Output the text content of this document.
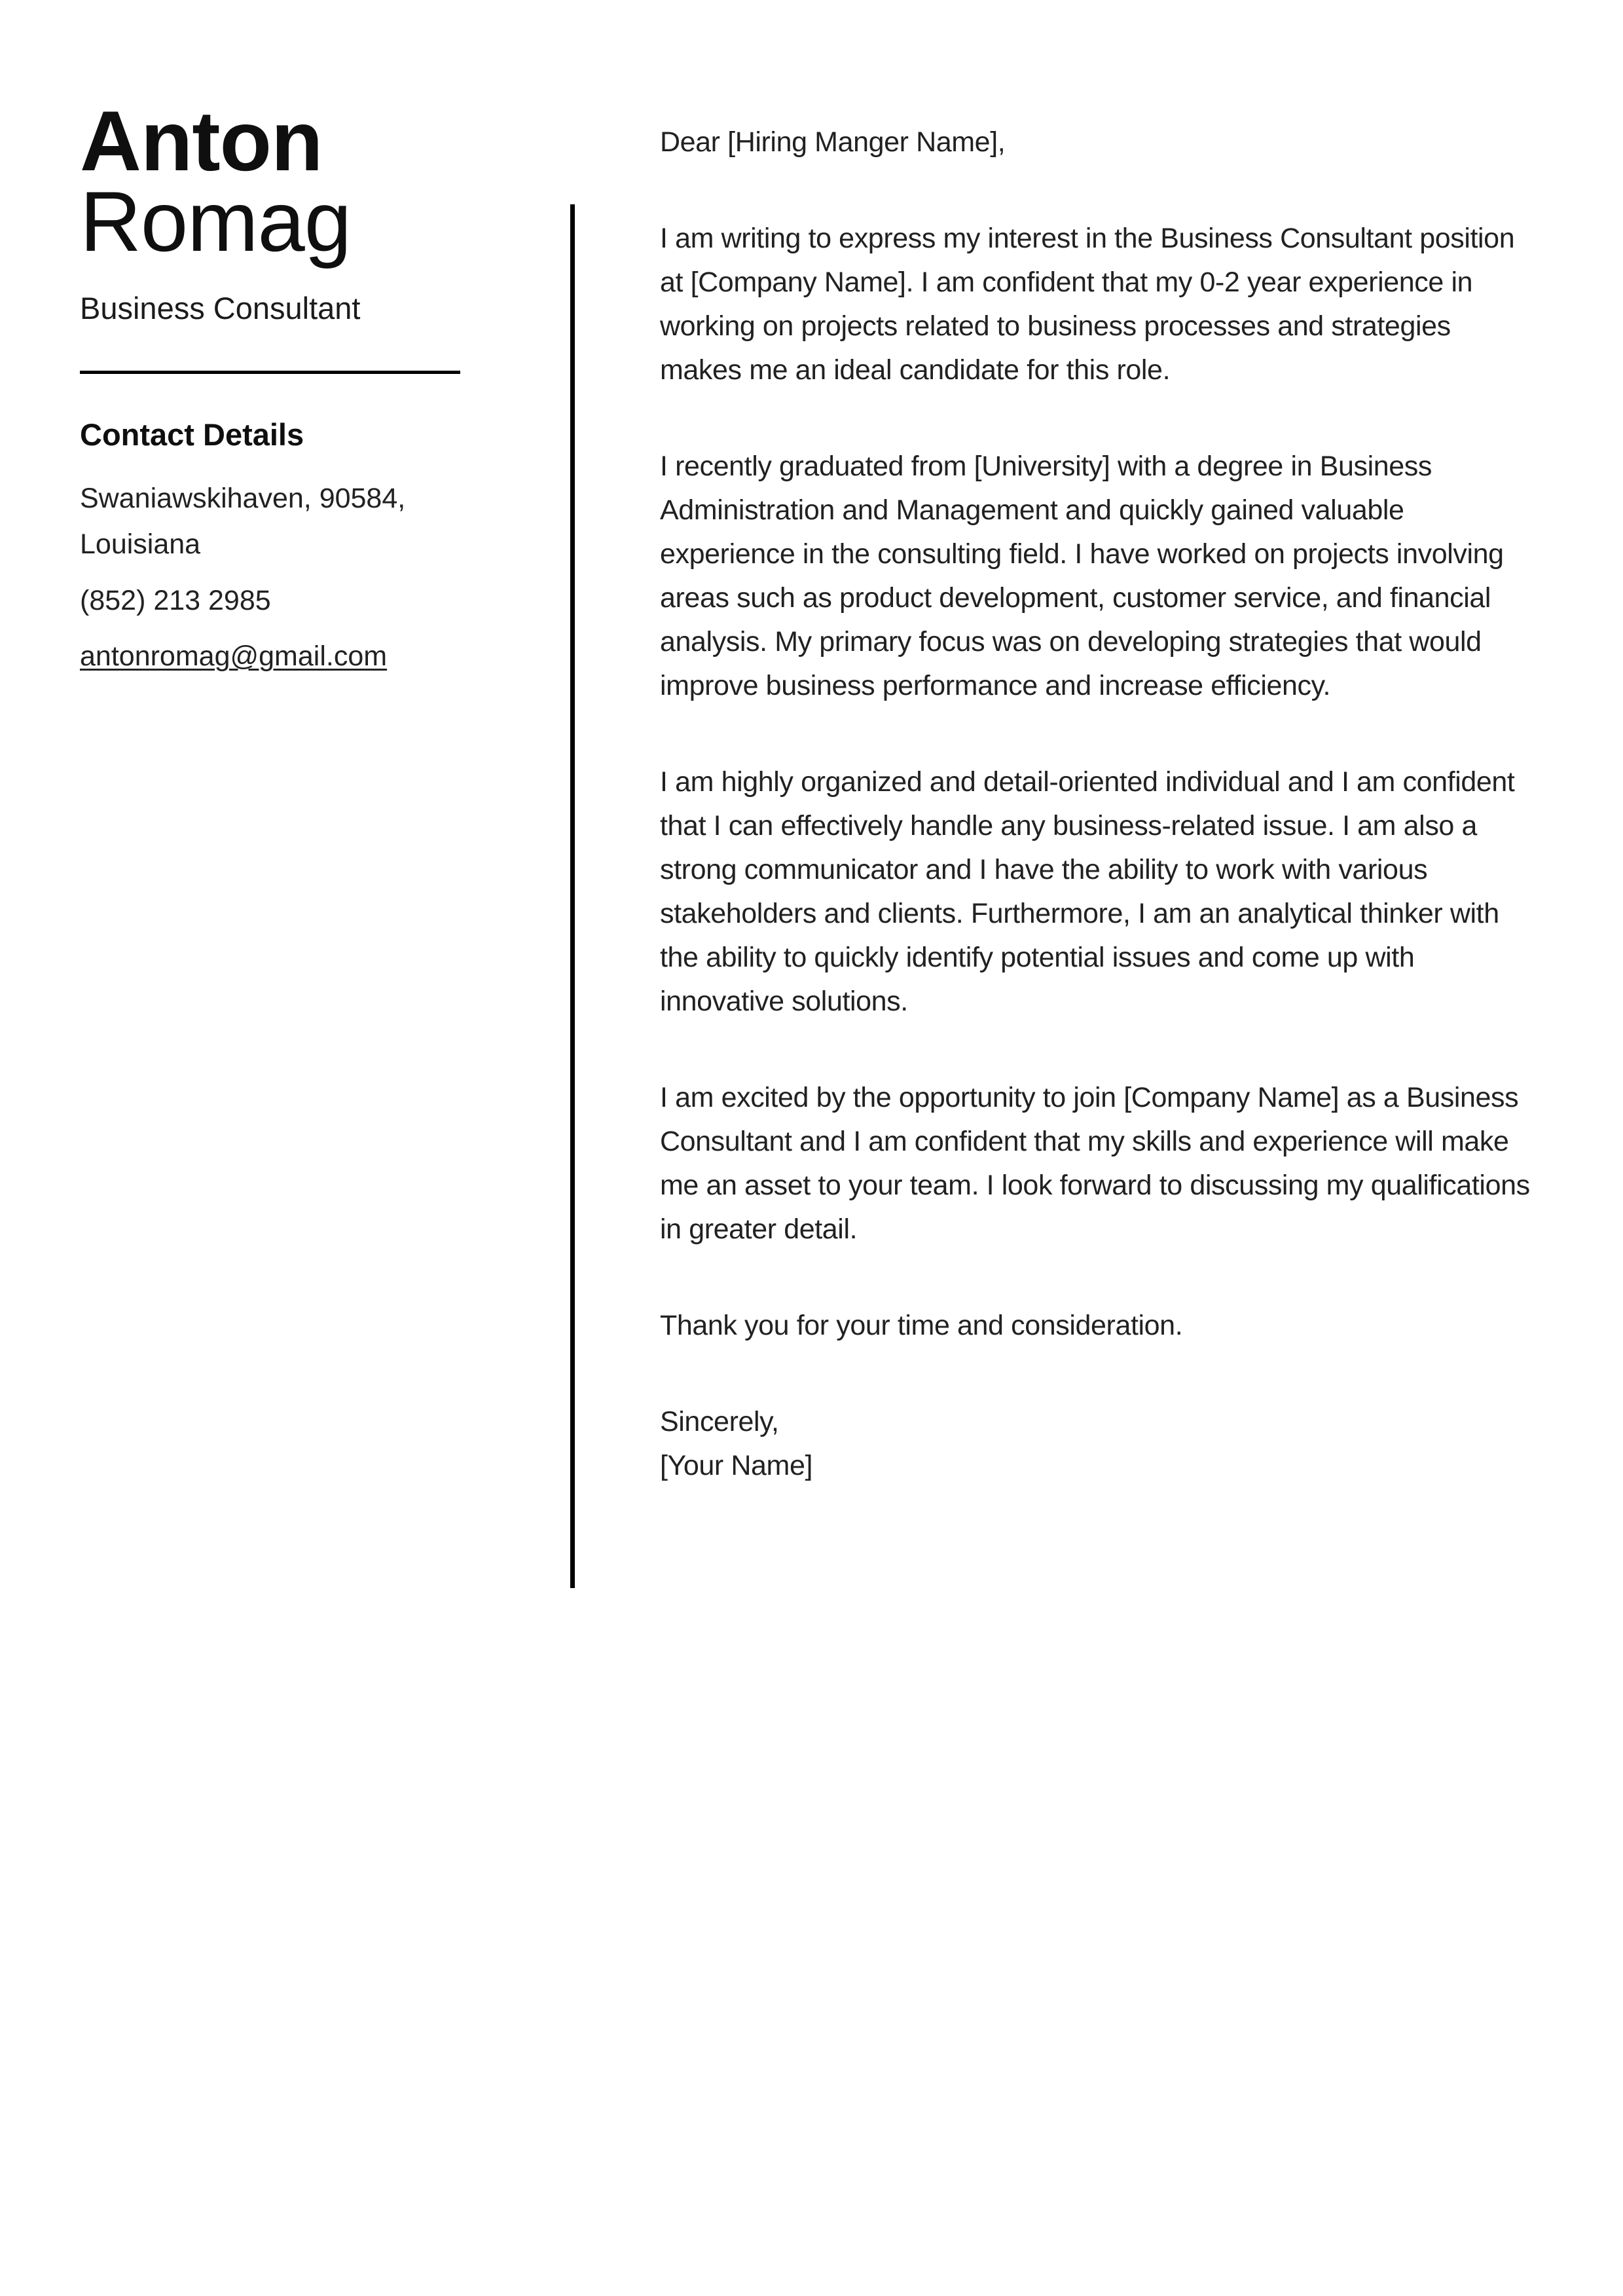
Anton
Romag
Business Consultant
Contact Details
Swaniawskihaven, 90584, Louisiana
(852) 213 2985
antonromag@gmail.com

Dear [Hiring Manger Name],

I am writing to express my interest in the Business Consultant position at [Company Name]. I am confident that my 0-2 year experience in working on projects related to business processes and strategies makes me an ideal candidate for this role.

I recently graduated from [University] with a degree in Business Administration and Management and quickly gained valuable experience in the consulting field. I have worked on projects involving areas such as product development, customer service, and financial analysis. My primary focus was on developing strategies that would improve business performance and increase efficiency.

I am highly organized and detail-oriented individual and I am confident that I can effectively handle any business-related issue. I am also a strong communicator and I have the ability to work with various stakeholders and clients. Furthermore, I am an analytical thinker with the ability to quickly identify potential issues and come up with innovative solutions.

I am excited by the opportunity to join [Company Name] as a Business Consultant and I am confident that my skills and experience will make me an asset to your team. I look forward to discussing my qualifications in greater detail.

Thank you for your time and consideration.

Sincerely,

[Your Name]
